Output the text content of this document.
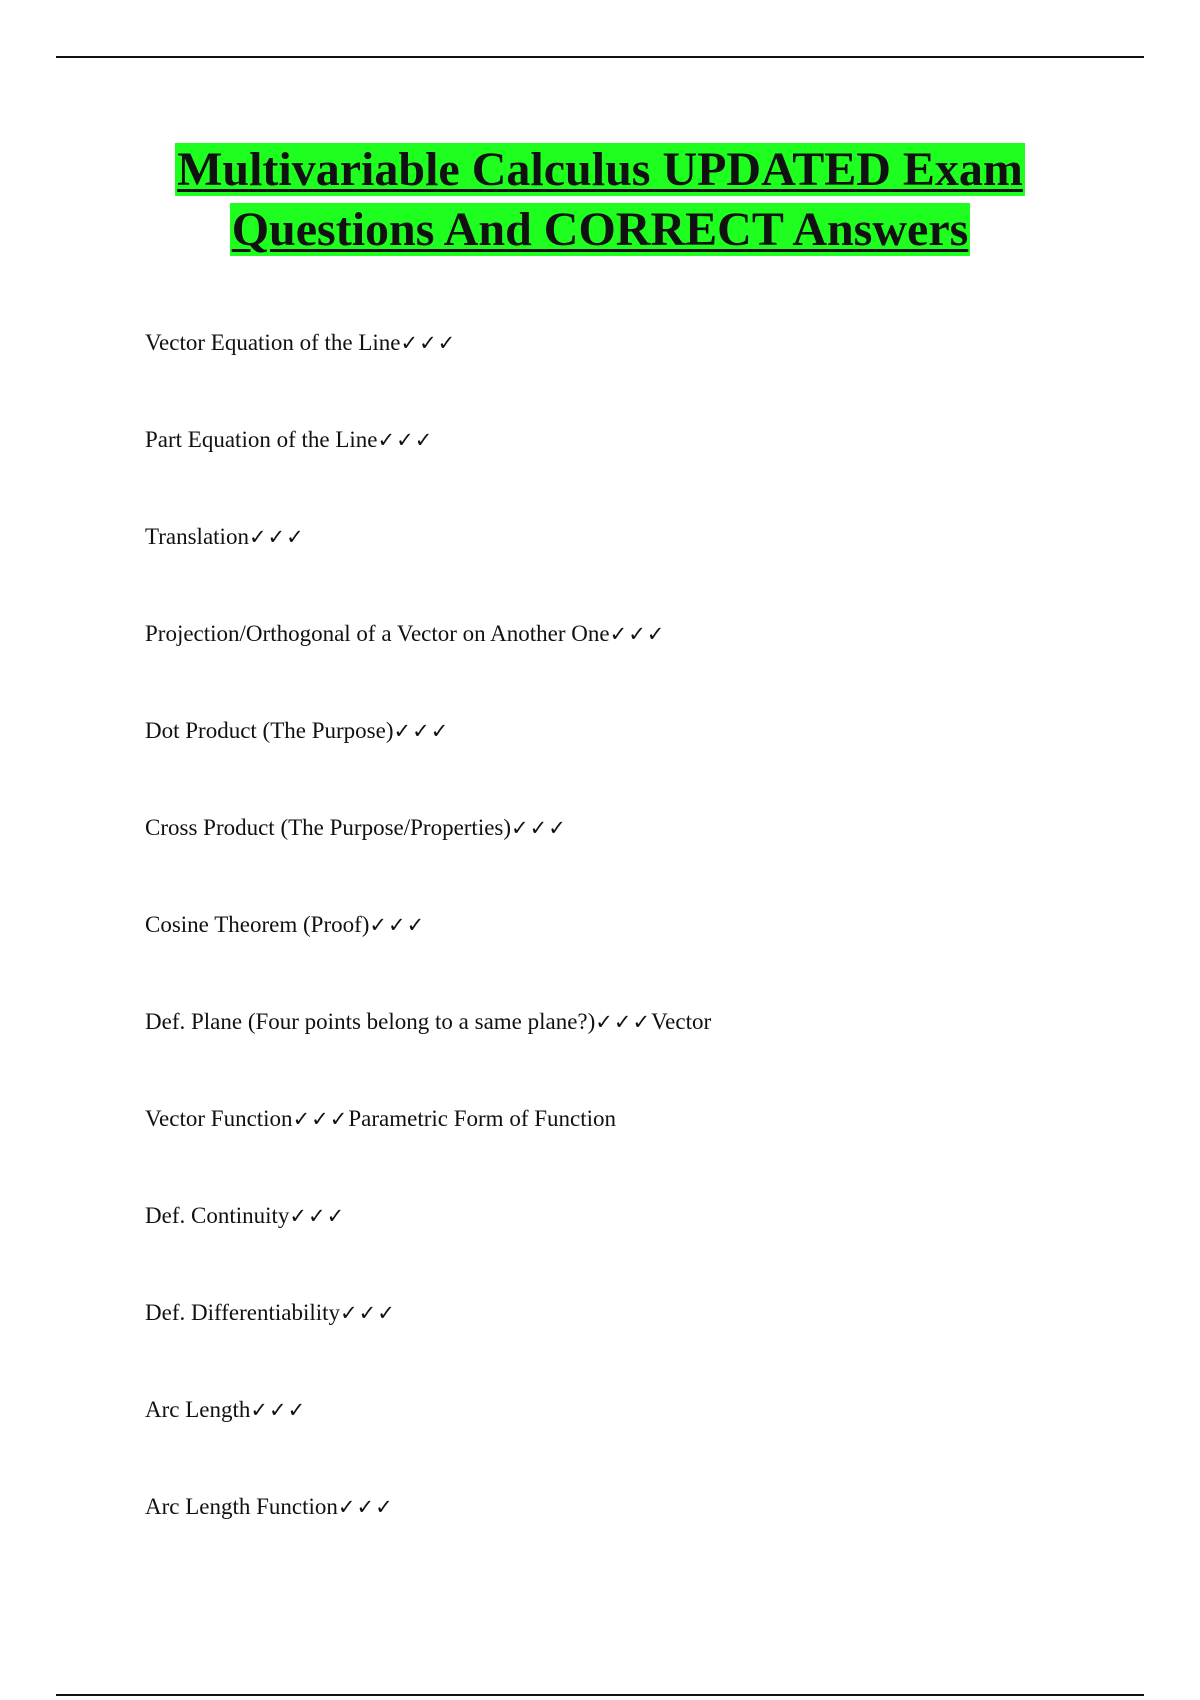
Multivariable Calculus UPDATED Exam
Questions And CORRECT Answers
Vector Equation of the Line✓✓✓
Part Equation of the Line✓✓✓
Translation✓✓✓
Projection/Orthogonal of a Vector on Another One✓✓✓
Dot Product (The Purpose)✓✓✓
Cross Product (The Purpose/Properties)✓✓✓
Cosine Theorem (Proof)✓✓✓
Def. Plane (Four points belong to a same plane?)✓✓✓Vector
Vector Function✓✓✓Parametric Form of Function
Def. Continuity✓✓✓
Def. Differentiability✓✓✓
Arc Length✓✓✓
Arc Length Function✓✓✓
